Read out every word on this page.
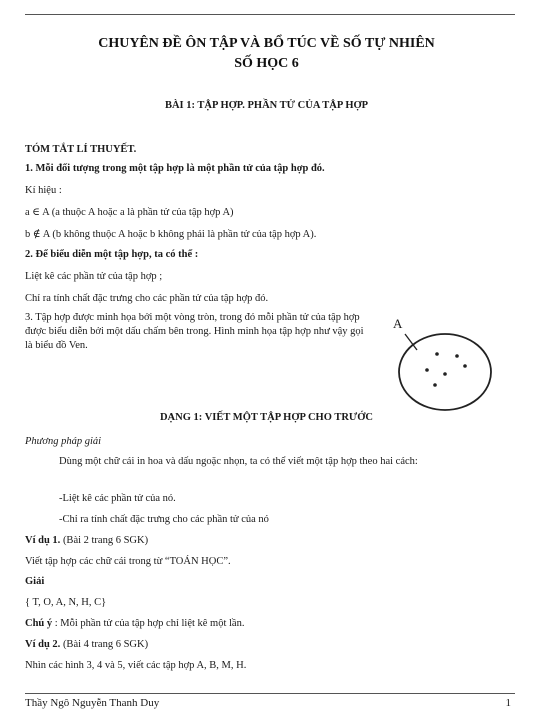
CHUYÊN ĐỀ ÔN TẬP VÀ BỔ TÚC VỀ SỐ TỰ NHIÊN
SỐ HỌC 6
BÀI 1: TẬP HỢP. PHẦN TỬ CỦA TẬP HỢP
TÓM TẮT LÍ THUYẾT.
1. Mỗi đối tượng trong một tập hợp là một phần tử của tập hợp đó.
Kí hiệu :
a ∈ A (a thuộc A hoặc a là phần tử của tập hợp A)
b ∉ A (b không thuộc A hoặc b không phải là phần tử của tập hợp A).
2. Để biểu diễn một tập hợp, ta có thể :
Liệt kê các phần tử của tập hợp ;
Chỉ ra tính chất đặc trưng cho các phần tử của tập hợp đó.
3. Tập hợp được minh họa bởi một vòng tròn, trong đó mỗi phần tử của tập hợp được biểu diễn bởi một dấu chấm bên trong. Hình minh họa tập hợp như vậy gọi là biểu đồ Ven.
A
DẠNG 1: VIẾT MỘT TẬP HỢP CHO TRƯỚC
Phương pháp giải
Dùng một chữ cái in hoa và dấu ngoặc nhọn, ta có thể viết một tập hợp theo hai cách:
-Liệt kê các phần tử của nó.
-Chỉ ra tính chất đặc trưng cho các phần tử của nó
Ví dụ 1. (Bài 2 trang 6 SGK)
Viết tập hợp các chữ cái trong từ “TOÁN HỌC”.
Giải
{ T, O, A, N, H, C}
Chú ý : Mỗi phần tử của tập hợp chỉ liệt kê một lần.
Ví dụ 2. (Bài 4 trang 6 SGK)
Nhìn các hình 3, 4 và 5, viết các tập hợp A, B, M, H.
Thầy Ngô Nguyễn Thanh Duy	1
